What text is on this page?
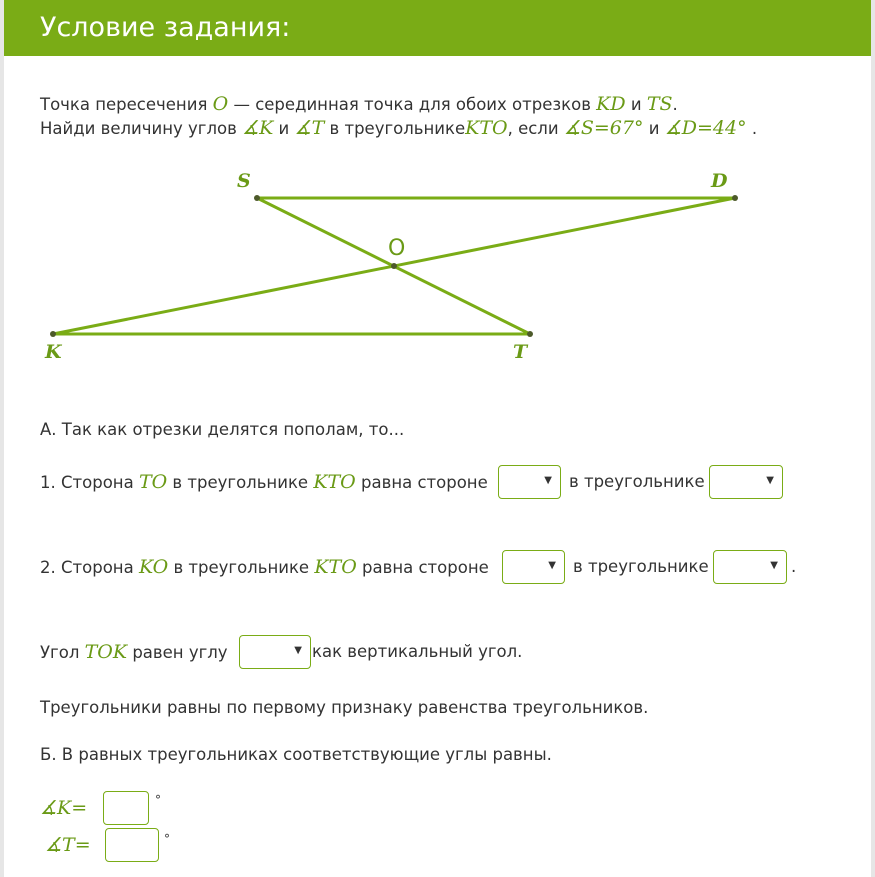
Условие задания:
Точка пересечения O — серединная точка для обоих отрезков KD и TS.
Найди величину углов ∡K и ∡T в треугольникеKTO, если ∡S=67° и ∡D=44° .
S	D
O
K	T
А. Так как отрезки делятся пополам, то...
1. Сторона TO в треугольнике KTO равна стороне	▼ в треугольнике	▼
2. Сторона KO в треугольнике KTO равна стороне	▼ в треугольнике	▼ .
Угол TOK равен углу	▼ как вертикальный угол.
Треугольники равны по первому признаку равенства треугольников.
Б. В равных треугольниках соответствующие углы равны.
∡K=	°
∡T=	°
